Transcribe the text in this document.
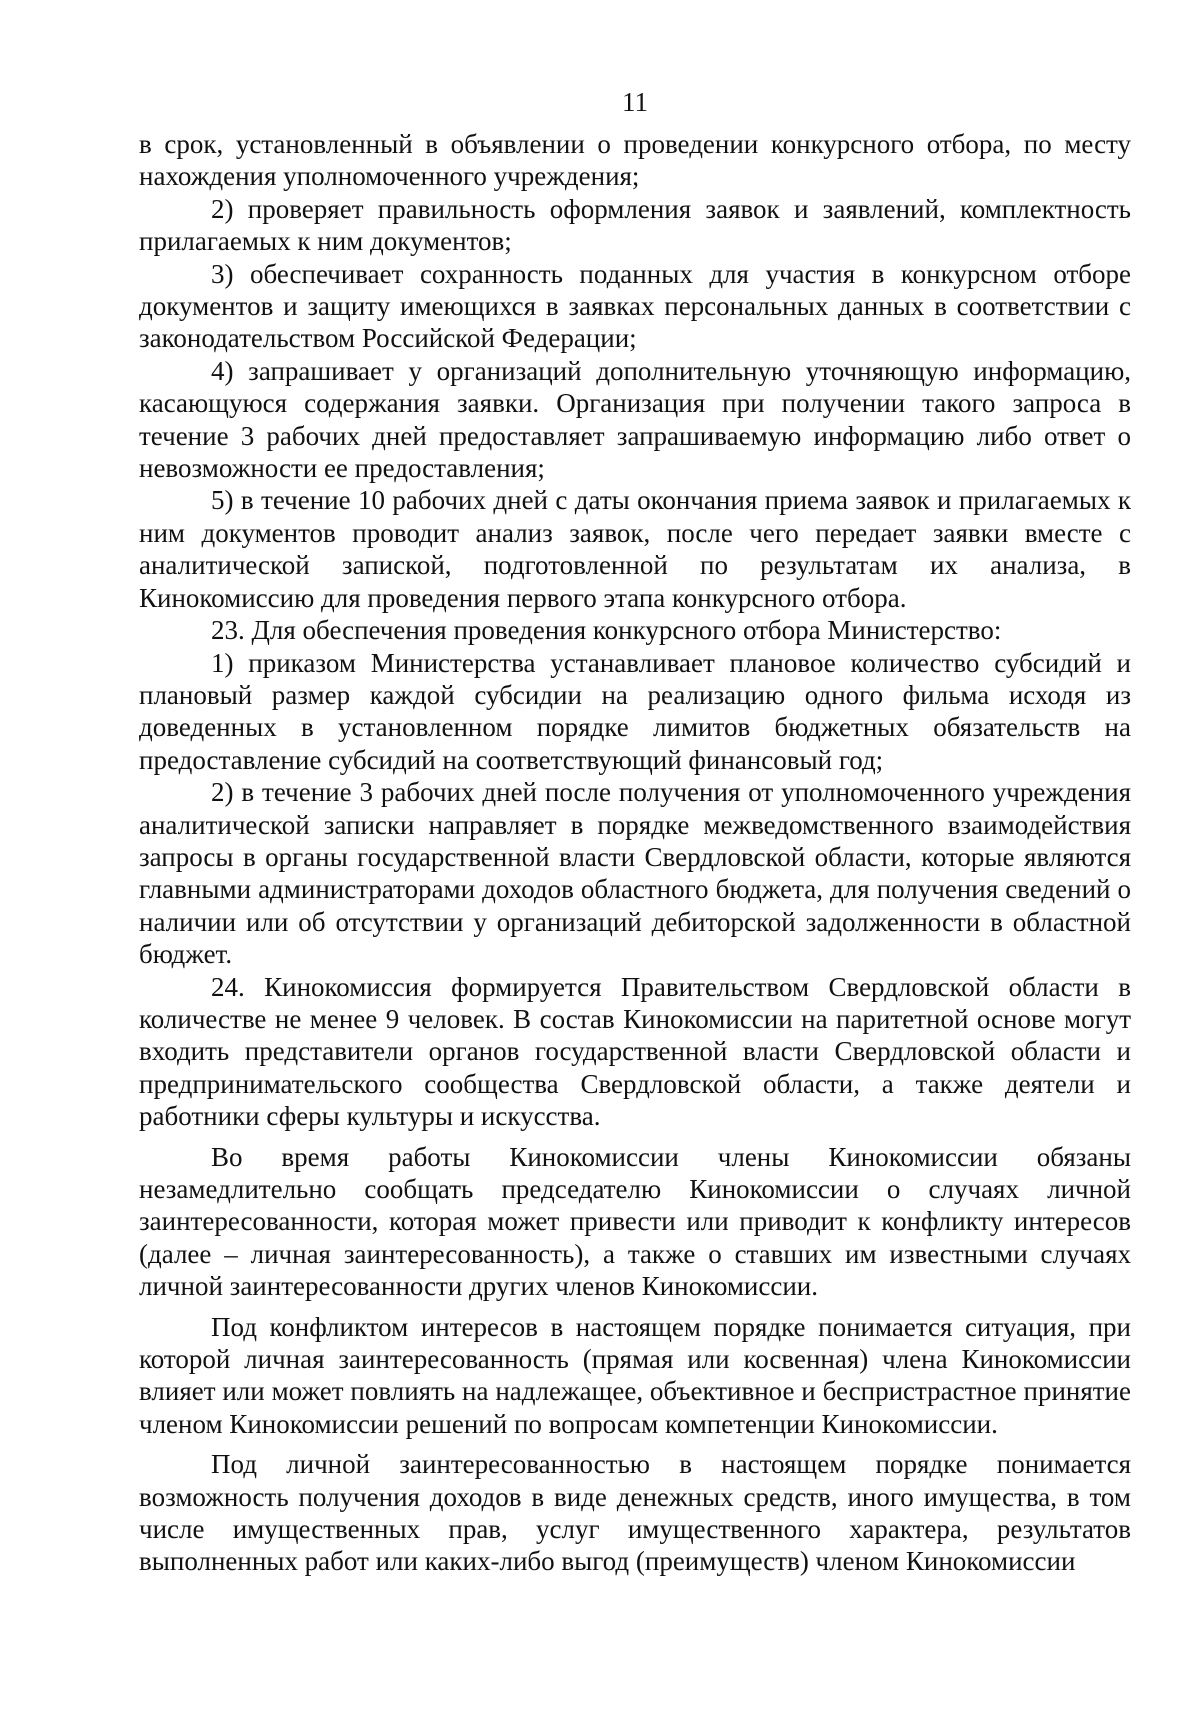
11

в срок, установленный в объявлении о проведении конкурсного отбора, по месту нахождения уполномоченного учреждения;

2) проверяет правильность оформления заявок и заявлений, комплектность прилагаемых к ним документов;

3) обеспечивает сохранность поданных для участия в конкурсном отборе документов и защиту имеющихся в заявках персональных данных в соответствии с законодательством Российской Федерации;

4) запрашивает у организаций дополнительную уточняющую информацию, касающуюся содержания заявки. Организация при получении такого запроса в течение 3 рабочих дней предоставляет запрашиваемую информацию либо ответ о невозможности ее предоставления;

5) в течение 10 рабочих дней с даты окончания приема заявок и прилагаемых к ним документов проводит анализ заявок, после чего передает заявки вместе с аналитической запиской, подготовленной по результатам их анализа, в Кинокомиссию для проведения первого этапа конкурсного отбора.

23. Для обеспечения проведения конкурсного отбора Министерство:

1) приказом Министерства устанавливает плановое количество субсидий и плановый размер каждой субсидии на реализацию одного фильма исходя из доведенных в установленном порядке лимитов бюджетных обязательств на предоставление субсидий на соответствующий финансовый год;

2) в течение 3 рабочих дней после получения от уполномоченного учреждения аналитической записки направляет в порядке межведомственного взаимодействия запросы в органы государственной власти Свердловской области, которые являются главными администраторами доходов областного бюджета, для получения сведений о наличии или об отсутствии у организаций дебиторской задолженности в областной бюджет.

24. Кинокомиссия формируется Правительством Свердловской области в количестве не менее 9 человек. В состав Кинокомиссии на паритетной основе могут входить представители органов государственной власти Свердловской области и предпринимательского сообщества Свердловской области, а также деятели и работники сферы культуры и искусства.

Во время работы Кинокомиссии члены Кинокомиссии обязаны незамедлительно сообщать председателю Кинокомиссии о случаях личной заинтересованности, которая может привести или приводит к конфликту интересов (далее – личная заинтересованность), а также о ставших им известными случаях личной заинтересованности других членов Кинокомиссии.

Под конфликтом интересов в настоящем порядке понимается ситуация, при которой личная заинтересованность (прямая или косвенная) члена Кинокомиссии влияет или может повлиять на надлежащее, объективное и беспристрастное принятие членом Кинокомиссии решений по вопросам компетенции Кинокомиссии.

Под личной заинтересованностью в настоящем порядке понимается возможность получения доходов в виде денежных средств, иного имущества, в том числе имущественных прав, услуг имущественного характера, результатов выполненных работ или каких-либо выгод (преимуществ) членом Кинокомиссии
